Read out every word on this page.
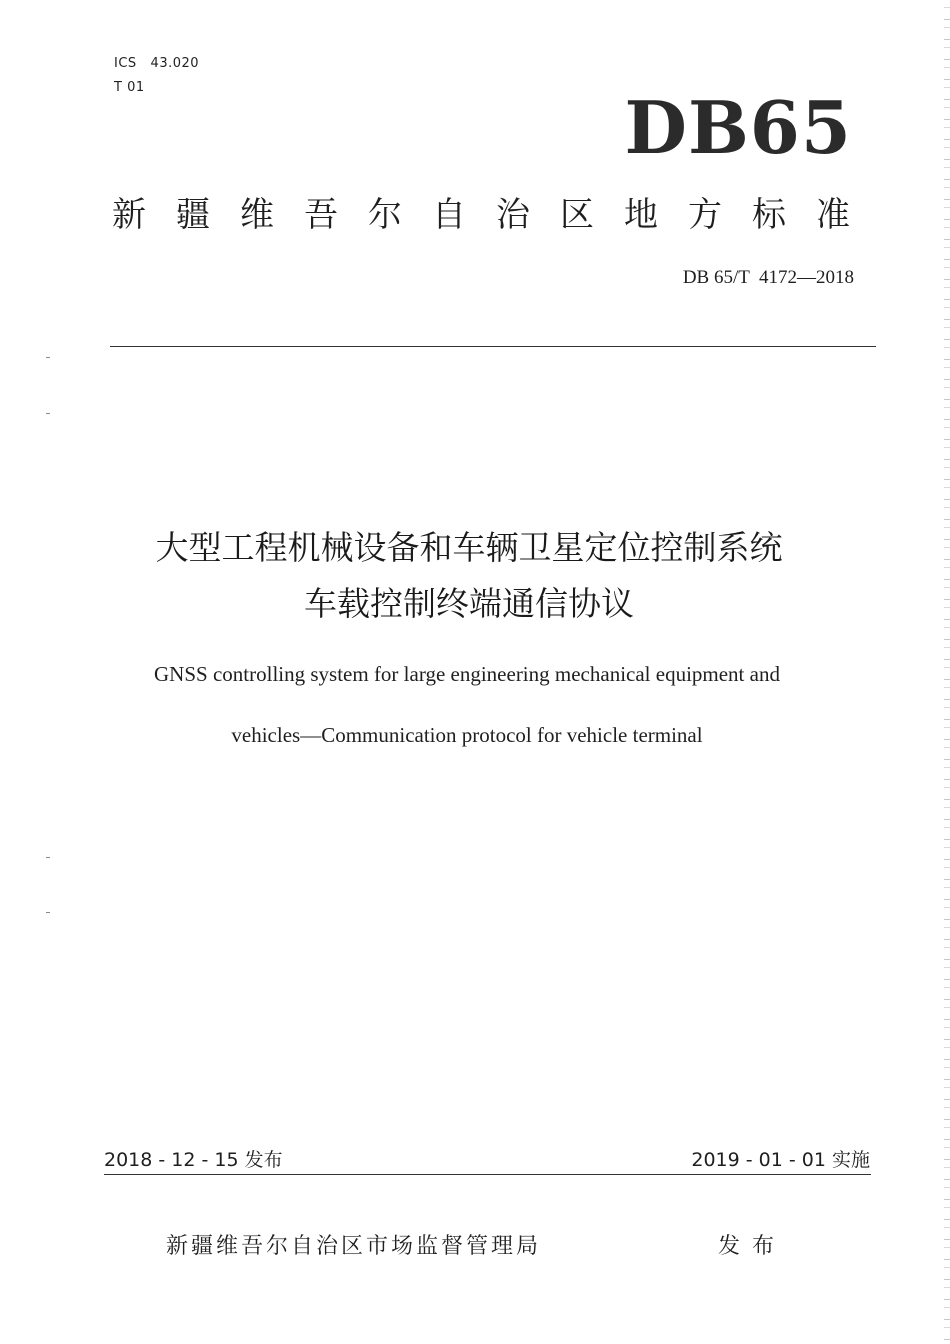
ICS   43.020
T 01	DB65
新疆维吾尔自治区地方标准
DB 65/T  4172—2018
大型工程机械设备和车辆卫星定位控制系统
车载控制终端通信协议
GNSS controlling system for large engineering mechanical equipment and
vehicles—Communication protocol for vehicle terminal
2018 - 12 - 15 发布	2019 - 01 - 01 实施
新疆维吾尔自治区市场监督管理局	发布
